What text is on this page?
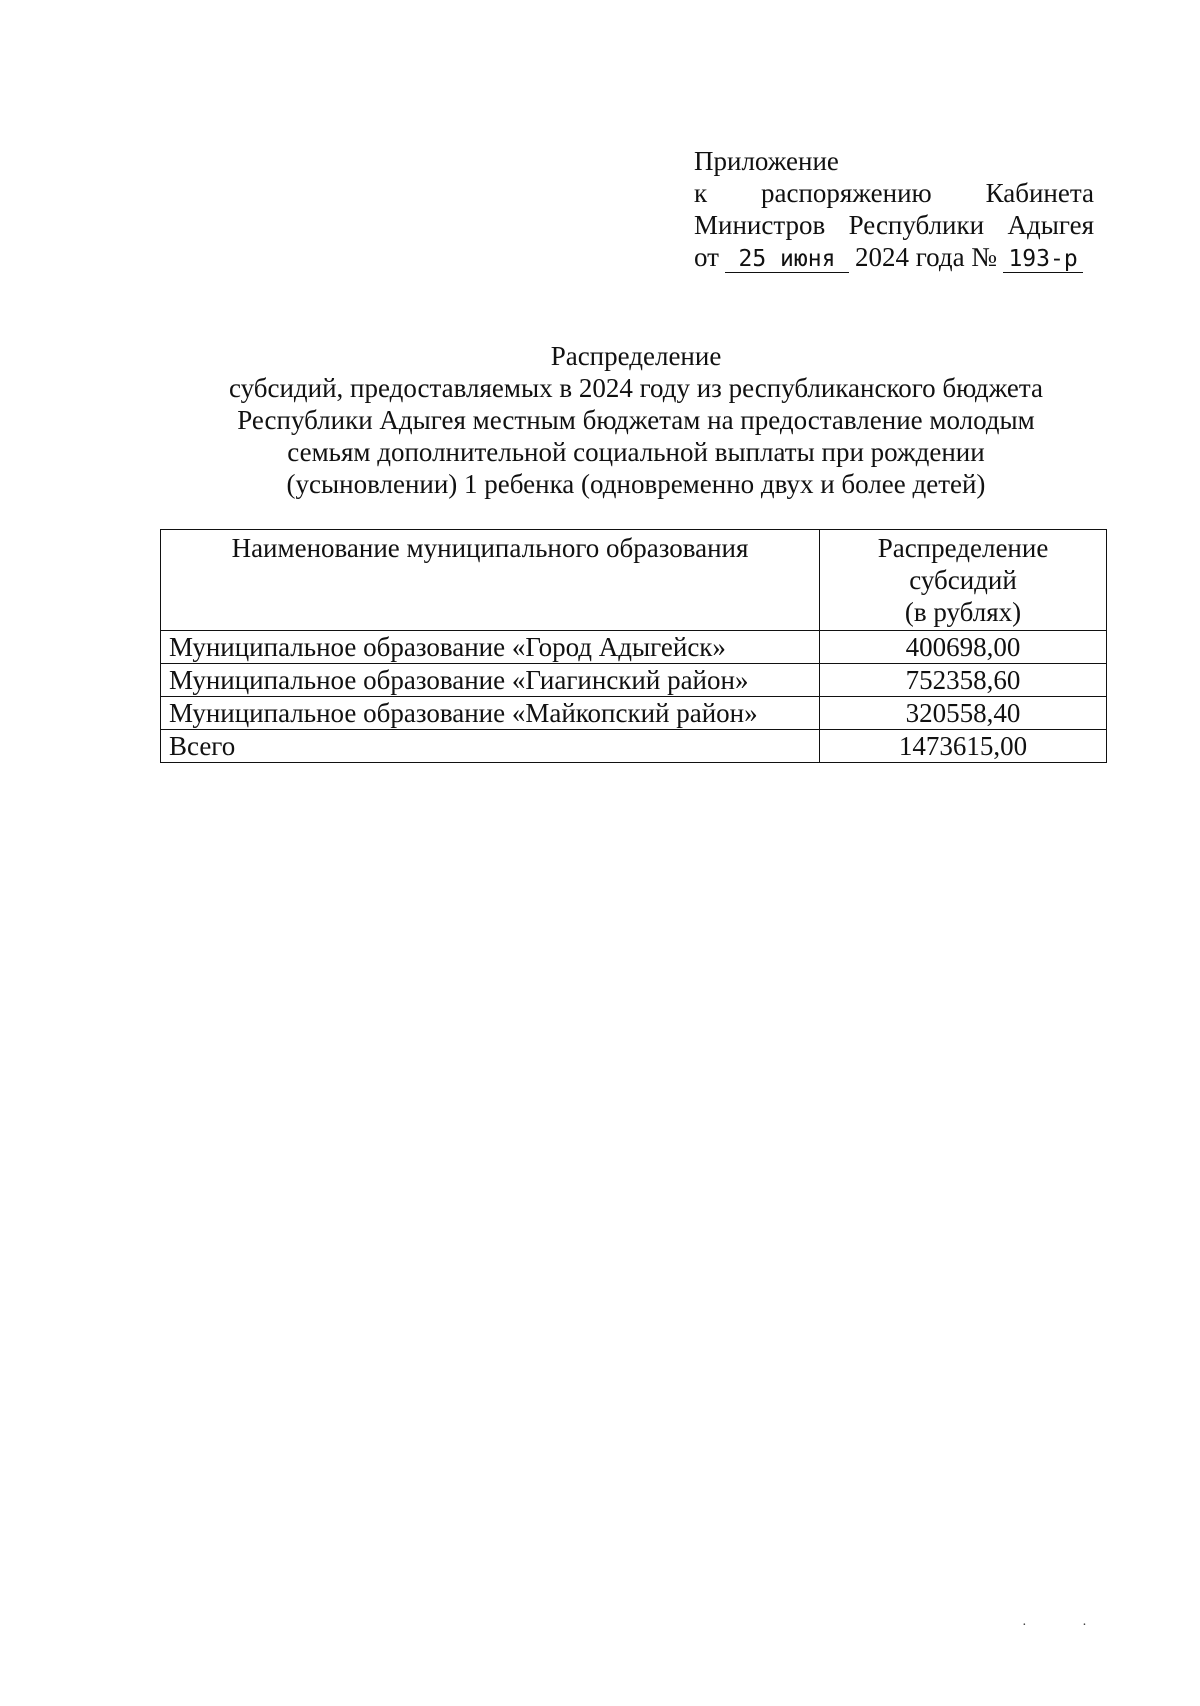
Приложение
к распоряжению Кабинета
Министров Республики Адыгея
от 25 июня 2024 года № 193-р
Распределение
субсидий, предоставляемых в 2024 году из республиканского бюджета
Республики Адыгея местным бюджетам на предоставление молодым
семьям дополнительной социальной выплаты при рождении
(усыновлении) 1 ребенка (одновременно двух и более детей)
Наименование муниципального образования	Распределение
субсидий
(в рублях)

Муниципальное образование «Город Адыгейск»	400698,00
Муниципальное образование «Гиагинский район»	752358,60
Муниципальное образование «Майкопский район»	320558,40
Всего	1473615,00
· ·
